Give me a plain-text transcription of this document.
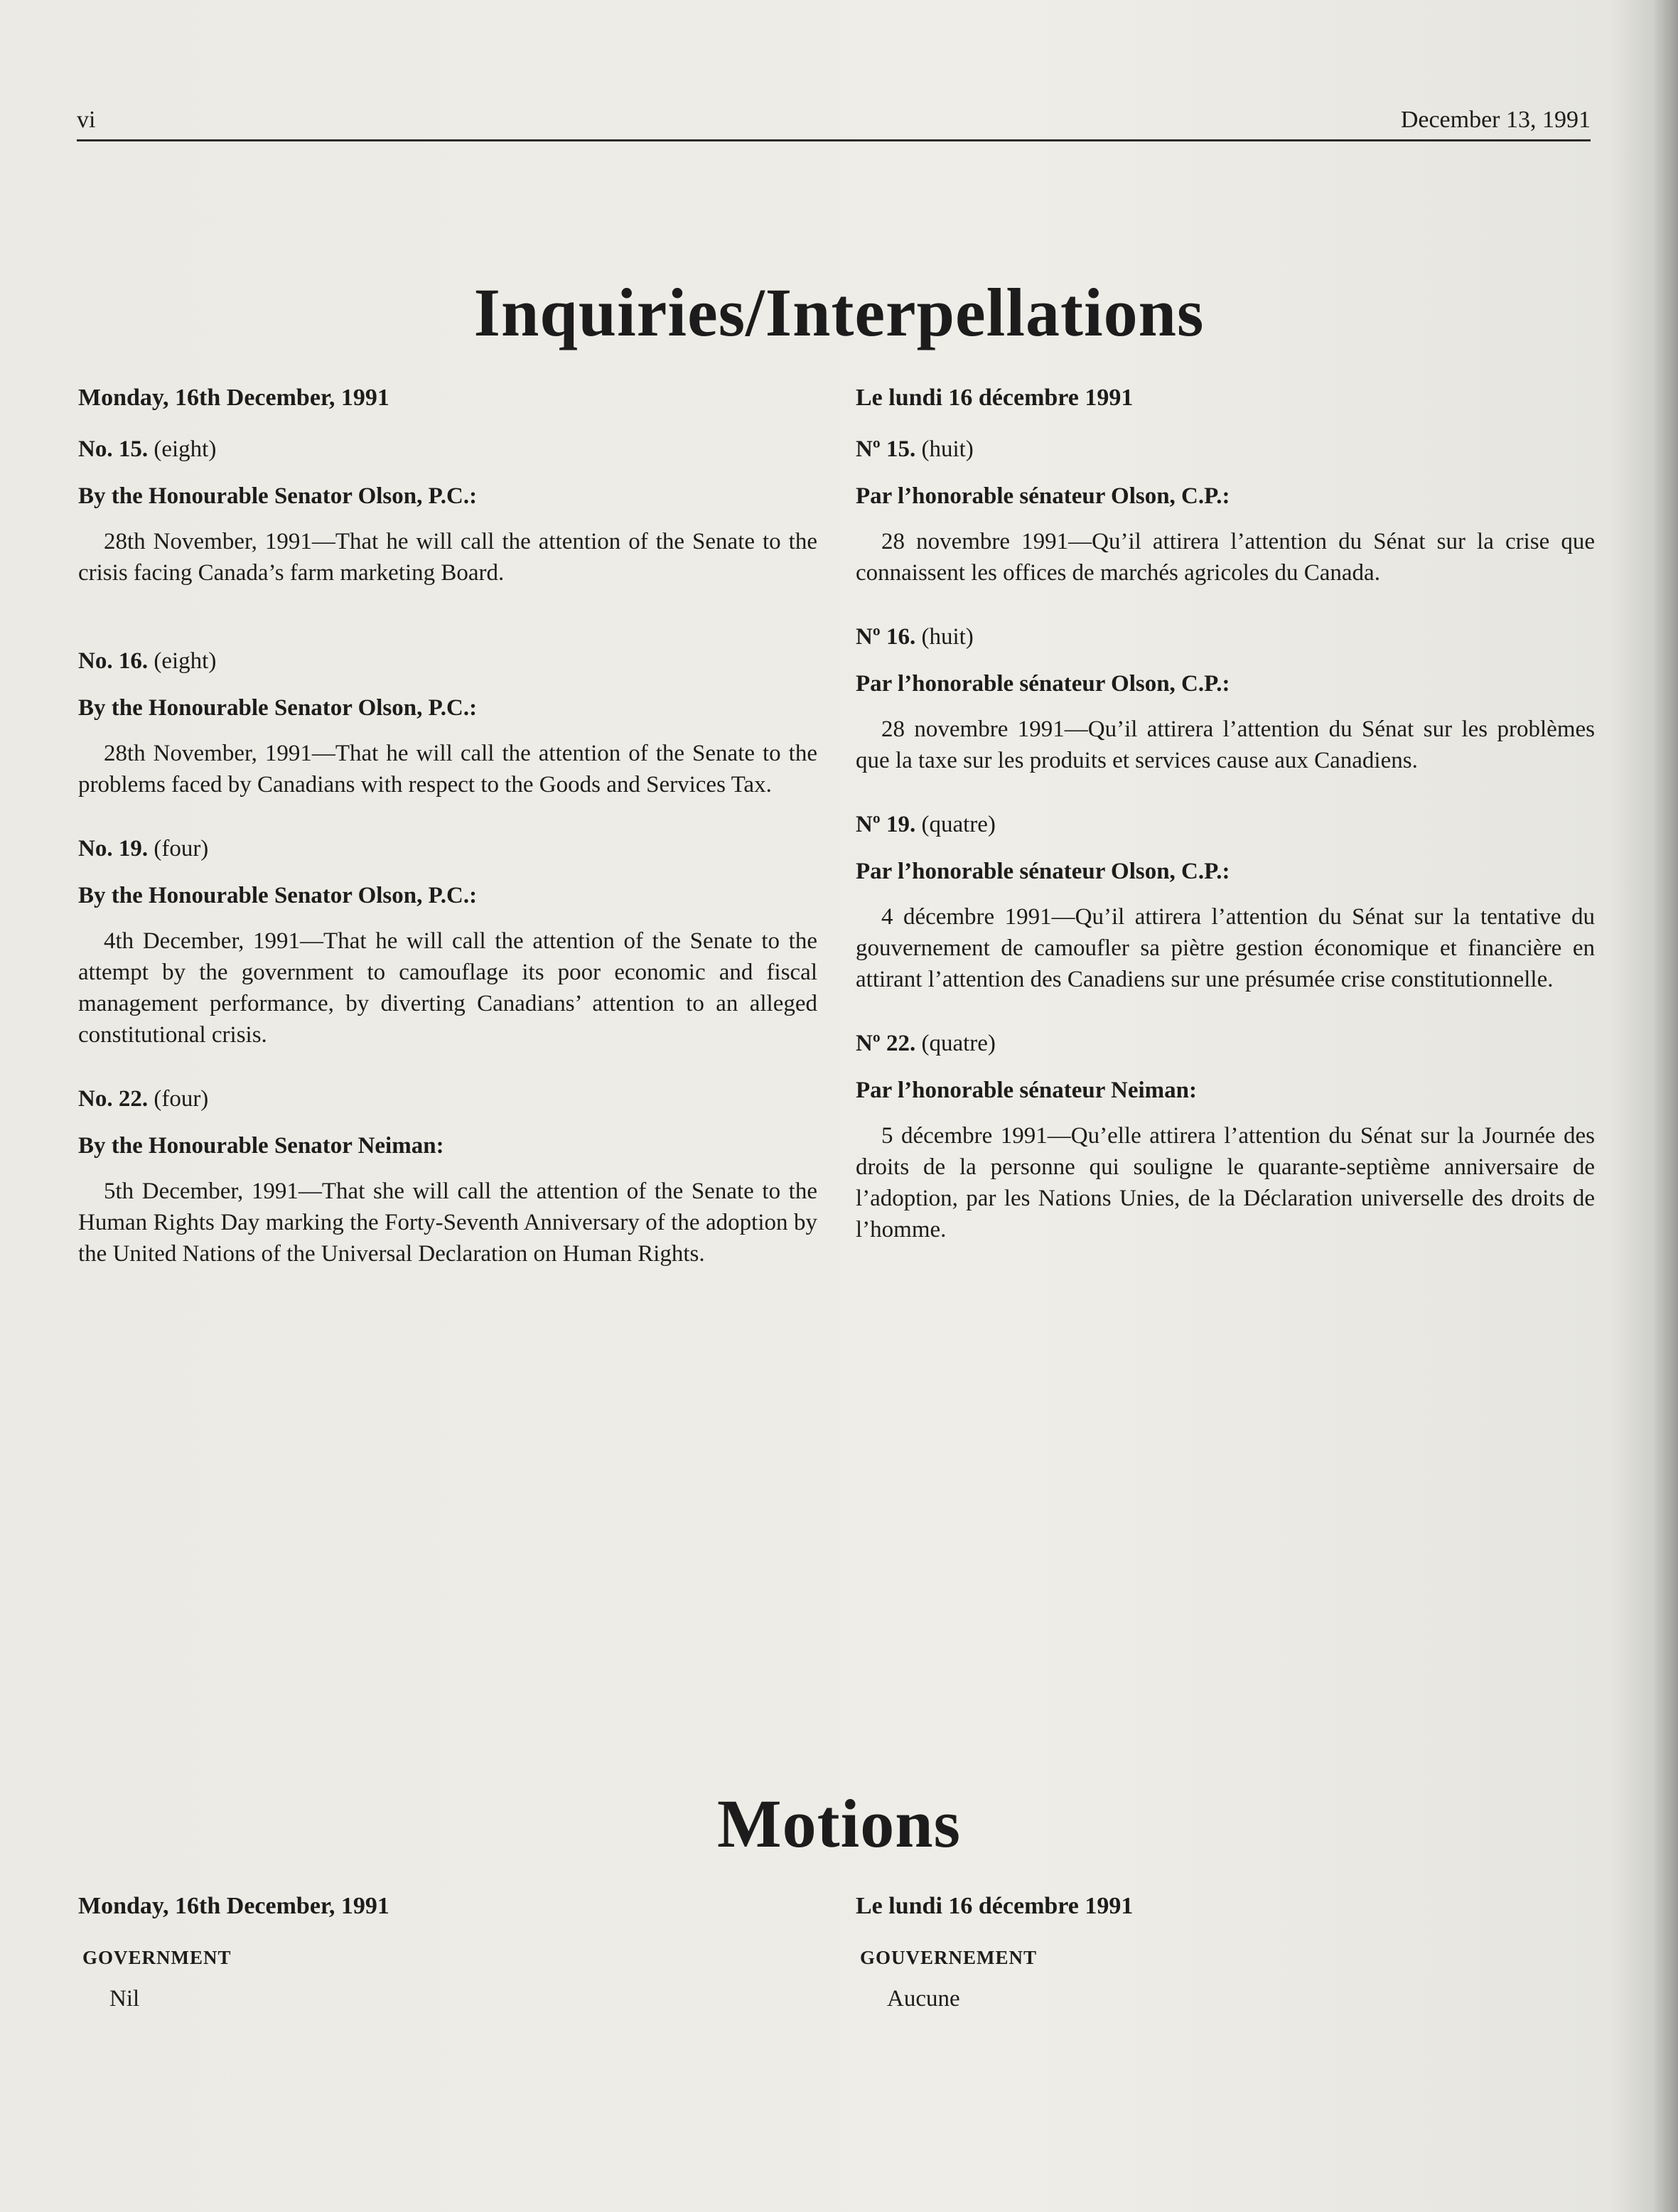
vi	December 13, 1991
Inquiries/Interpellations

Monday, 16th December, 1991

No. 15. (eight)

By the Honourable Senator Olson, P.C.:

28th November, 1991—That he will call the attention of the Senate to the crisis facing Canada’s farm marketing Board.

No. 16. (eight)

By the Honourable Senator Olson, P.C.:

28th November, 1991—That he will call the attention of the Senate to the problems faced by Canadians with respect to the Goods and Services Tax.

No. 19. (four)

By the Honourable Senator Olson, P.C.:

4th December, 1991—That he will call the attention of the Senate to the attempt by the government to camouflage its poor economic and fiscal management performance, by diverting Canadians’ attention to an alleged constitutional crisis.

No. 22. (four)

By the Honourable Senator Neiman:

5th December, 1991—That she will call the attention of the Senate to the Human Rights Day marking the Forty-Seventh Anniversary of the adoption by the United Nations of the Universal Declaration on Human Rights.

Le lundi 16 décembre 1991

Nº 15. (huit)

Par l’honorable sénateur Olson, C.P.:

28 novembre 1991—Qu’il attirera l’attention du Sénat sur la crise que connaissent les offices de marchés agricoles du Canada.

Nº 16. (huit)

Par l’honorable sénateur Olson, C.P.:

28 novembre 1991—Qu’il attirera l’attention du Sénat sur les problèmes que la taxe sur les produits et services cause aux Canadiens.

Nº 19. (quatre)

Par l’honorable sénateur Olson, C.P.:

4 décembre 1991—Qu’il attirera l’attention du Sénat sur la tentative du gouvernement de camoufler sa piètre gestion économique et financière en attirant l’attention des Canadiens sur une présumée crise constitutionnelle.

Nº 22. (quatre)

Par l’honorable sénateur Neiman:

5 décembre 1991—Qu’elle attirera l’attention du Sénat sur la Journée des droits de la personne qui souligne le quarante-septième anniversaire de l’adoption, par les Nations Unies, de la Déclaration universelle des droits de l’homme.

Motions

Monday, 16th December, 1991

GOVERNMENT

Nil

Le lundi 16 décembre 1991

GOUVERNEMENT

Aucune
